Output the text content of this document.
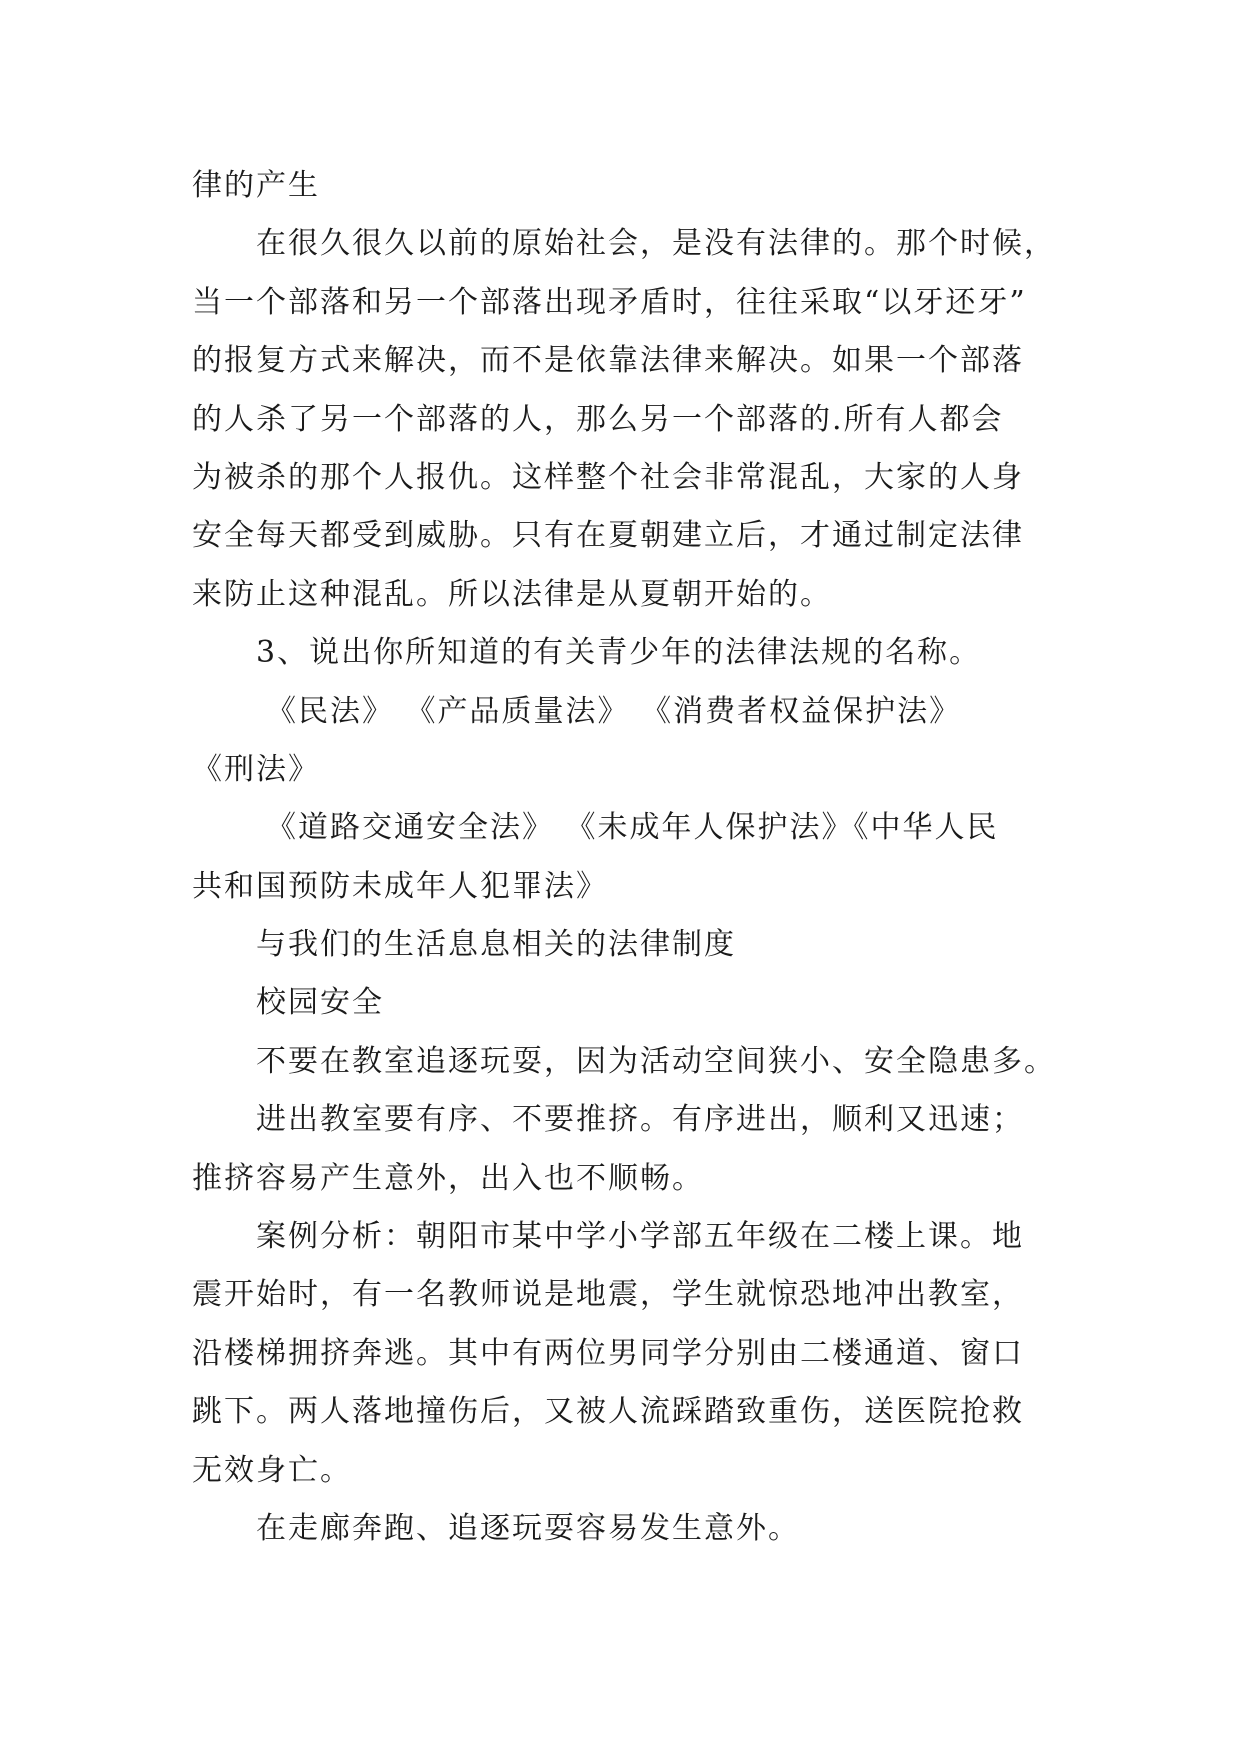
律的产生
在很久很久以前的原始社会，是没有法律的。那个时候，
当一个部落和另一个部落出现矛盾时，往往采取“以牙还牙”
的报复方式来解决，而不是依靠法律来解决。如果一个部落
的人杀了另一个部落的人，那么另一个部落的.所有人都会
为被杀的那个人报仇。这样整个社会非常混乱，大家的人身
安全每天都受到威胁。只有在夏朝建立后，才通过制定法律
来防止这种混乱。所以法律是从夏朝开始的。
3、说出你所知道的有关青少年的法律法规的名称。
《民法》 《产品质量法》 《消费者权益保护法》
《刑法》
《道路交通安全法》 《未成年人保护法》《中华人民
共和国预防未成年人犯罪法》
与我们的生活息息相关的法律制度
校园安全
不要在教室追逐玩耍，因为活动空间狭小、安全隐患多。
进出教室要有序、不要推挤。有序进出，顺利又迅速；
推挤容易产生意外，出入也不顺畅。
案例分析：朝阳市某中学小学部五年级在二楼上课。地
震开始时，有一名教师说是地震，学生就惊恐地冲出教室，
沿楼梯拥挤奔逃。其中有两位男同学分别由二楼通道、窗口
跳下。两人落地撞伤后，又被人流踩踏致重伤，送医院抢救
无效身亡。
在走廊奔跑、追逐玩耍容易发生意外。
